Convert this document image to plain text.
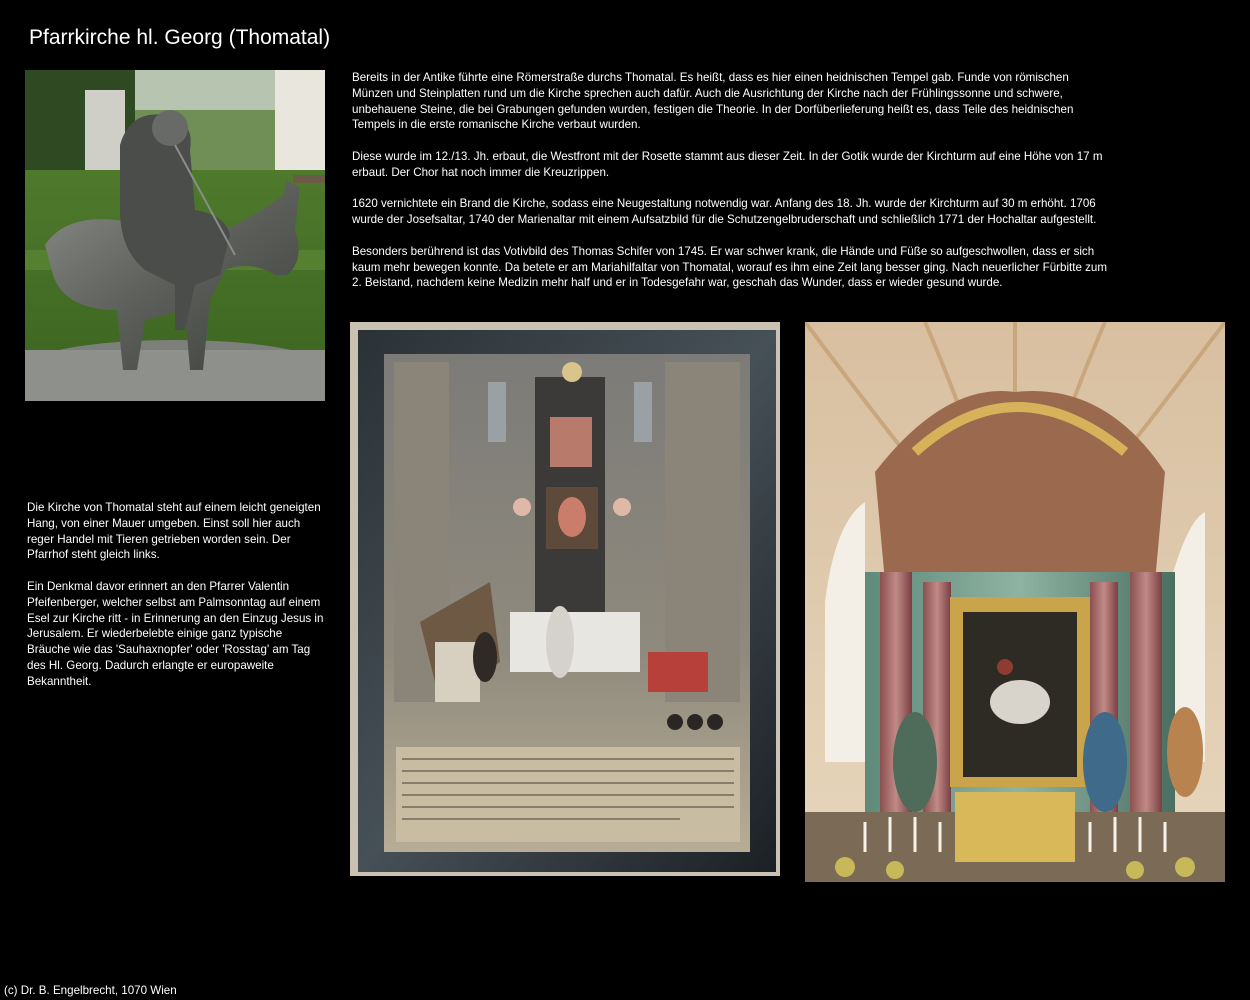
Pfarrkirche hl. Georg (Thomatal)

Bereits in der Antike führte eine Römerstraße durchs Thomatal. Es heißt, dass es hier einen heidnischen Tempel gab. Funde von römischen Münzen und Steinplatten rund um die Kirche sprechen auch dafür. Auch die Ausrichtung der Kirche nach der Frühlingssonne und schwere, unbehauene Steine, die bei Grabungen gefunden wurden, festigen die Theorie. In der Dorfüberlieferung heißt es, dass Teile des heidnischen Tempels in die erste romanische Kirche verbaut wurden.

Diese wurde im 12./13. Jh. erbaut, die Westfront mit der Rosette stammt aus dieser Zeit. In der Gotik wurde der Kirchturm auf eine Höhe von 17 m erbaut. Der Chor hat noch immer die Kreuzrippen.

1620 vernichtete ein Brand die Kirche, sodass eine Neugestaltung notwendig war. Anfang des 18. Jh. wurde der Kirchturm auf 30 m erhöht. 1706 wurde der Josefsaltar, 1740 der Marienaltar mit einem Aufsatzbild für die Schutzengelbruderschaft und schließlich 1771 der Hochaltar aufgestellt.

Besonders berührend ist das Votivbild des Thomas Schifer von 1745. Er war schwer krank, die Hände und Füße so aufgeschwollen, dass er sich kaum mehr bewegen konnte. Da betete er am Mariahilfaltar von Thomatal, worauf es ihm eine Zeit lang besser ging. Nach neuerlicher Fürbitte zum 2. Beistand, nachdem keine Medizin mehr half und er in Todesgefahr war, geschah das Wunder, dass er wieder gesund wurde.

Die Kirche von Thomatal steht auf einem leicht geneigten Hang, von einer Mauer umgeben. Einst soll hier auch reger Handel mit Tieren getrieben worden sein. Der Pfarrhof steht gleich links.

Ein Denkmal davor erinnert an den Pfarrer Valentin Pfeifenberger, welcher selbst am Palmsonntag auf einem Esel zur Kirche ritt - in Erinnerung an den Einzug Jesus in Jerusalem. Er wiederbelebte einige ganz typische Bräuche wie das 'Sauhaxnopfer' oder 'Rosstag' am Tag des Hl. Georg. Dadurch erlangte er europaweite Bekanntheit.

(c) Dr. B. Engelbrecht, 1070 Wien
